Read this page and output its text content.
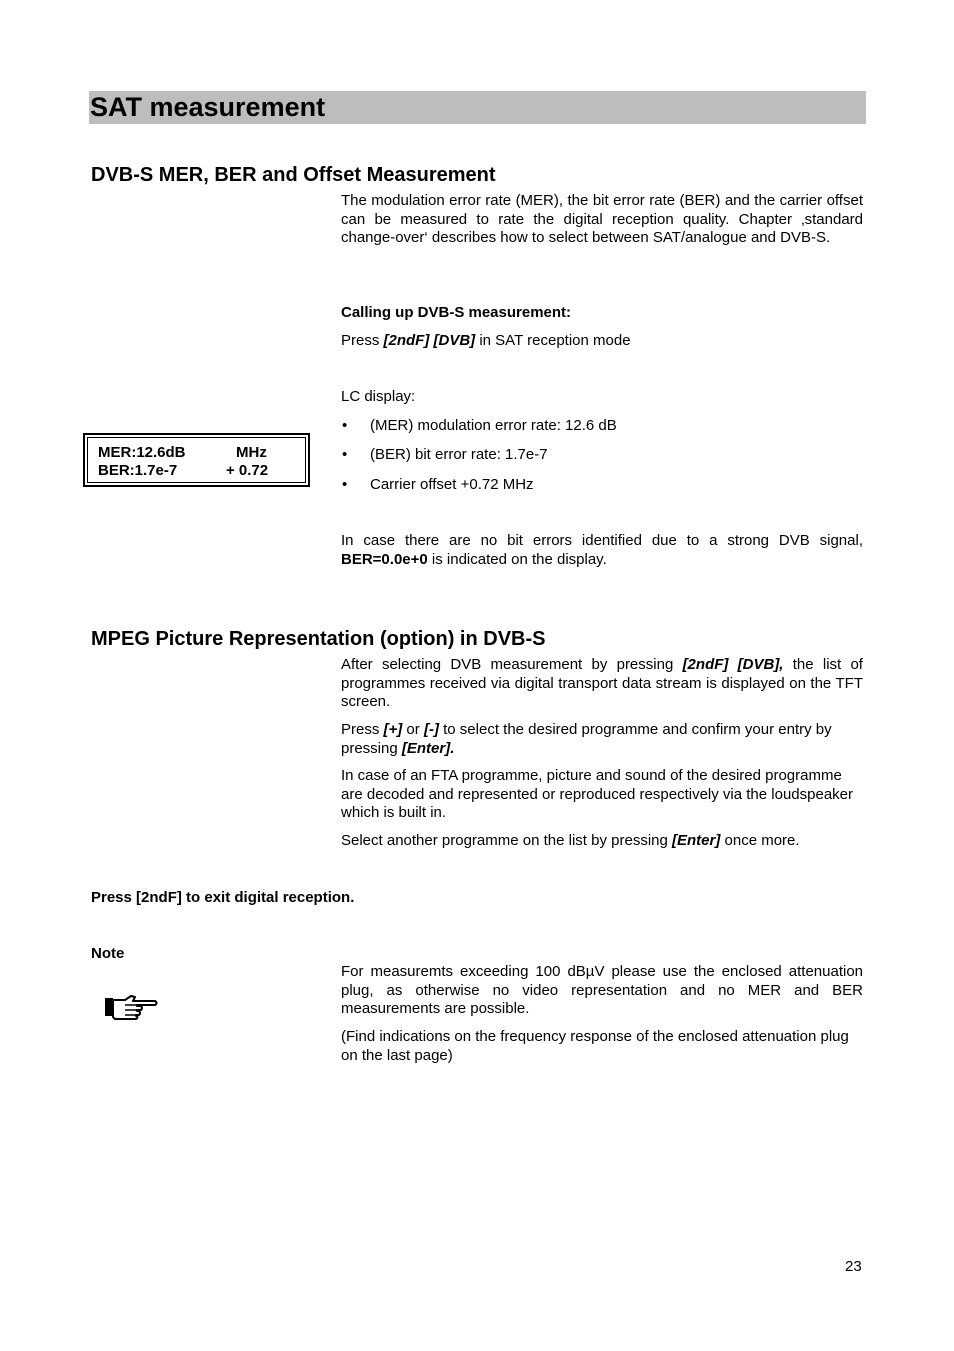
SAT measurement
DVB-S MER, BER and Offset Measurement
The modulation error rate (MER), the bit error rate (BER) and the carrier offset can be measured to rate the digital reception quality. Chapter ‚standard change-over‘ describes how to select between SAT/analogue and DVB-S.
Calling up DVB-S measurement:
Press [2ndF] [DVB] in SAT reception mode
LC display:
• (MER) modulation error rate: 12.6 dB
• (BER) bit error rate: 1.7e-7
• Carrier offset +0.72 MHz
MER:12.6dB	MHz
BER:1.7e-7	+ 0.72
In case there are no bit errors identified due to a strong DVB signal, BER=0.0e+0 is indicated on the display.
MPEG Picture Representation (option) in DVB-S
After selecting DVB measurement by pressing [2ndF] [DVB], the list of programmes received via digital transport data stream is displayed on the TFT screen.
Press [+] or [-] to select the desired programme and confirm your entry by pressing [Enter].
In case of an FTA programme, picture and sound of the desired programme are decoded and represented or reproduced respectively via the loudspeaker which is built in.
Select another programme on the list by pressing [Enter] once more.
Press [2ndF] to exit digital reception.
Note
For measuremts exceeding 100 dBµV please use the enclosed attenuation plug, as otherwise no video representation and no MER and BER measurements are possible.
(Find indications on the frequency response of the enclosed attenuation plug on the last page)
23
